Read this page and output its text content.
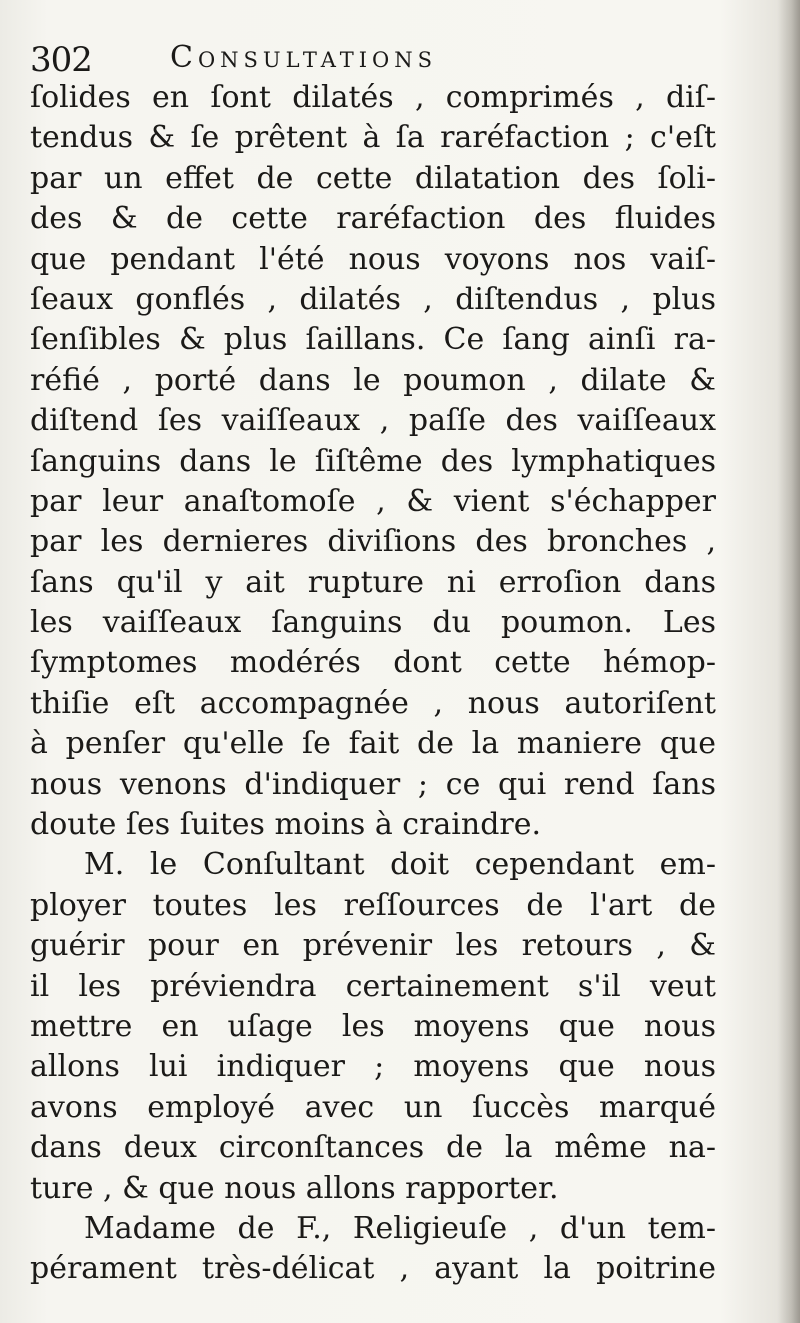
302	Consultations
ſolides en ſont dilatés , comprimés , diſ-
tendus & ſe prêtent à ſa raréfaction ; c'eſt
par un effet de cette dilatation des ſoli-
des & de cette raréfaction des fluides
que pendant l'été nous voyons nos vaiſ-
ſeaux gonflés , dilatés , diſtendus , plus
ſenſibles & plus ſaillans. Ce ſang ainſi ra-
réfié , porté dans le poumon , dilate &
diſtend ſes vaiſſeaux , paſſe des vaiſſeaux
ſanguins dans le ſiſtême des lymphatiques
par leur anaſtomoſe , & vient s'échapper
par les dernieres diviſions des bronches ,
ſans qu'il y ait rupture ni erroſion dans
les vaiſſeaux ſanguins du poumon. Les
ſymptomes modérés dont cette hémop-
thiſie eſt accompagnée , nous autoriſent
à penſer qu'elle ſe fait de la maniere que
nous venons d'indiquer ; ce qui rend ſans
doute ſes ſuites moins à craindre.
M. le Conſultant doit cependant em-
ployer toutes les reſſources de l'art de
guérir pour en prévenir les retours , &
il les préviendra certainement s'il veut
mettre en uſage les moyens que nous
allons lui indiquer ; moyens que nous
avons employé avec un ſuccès marqué
dans deux circonſtances de la même na-
ture , & que nous allons rapporter.
Madame de F., Religieuſe , d'un tem-
pérament très-délicat , ayant la poitrine
